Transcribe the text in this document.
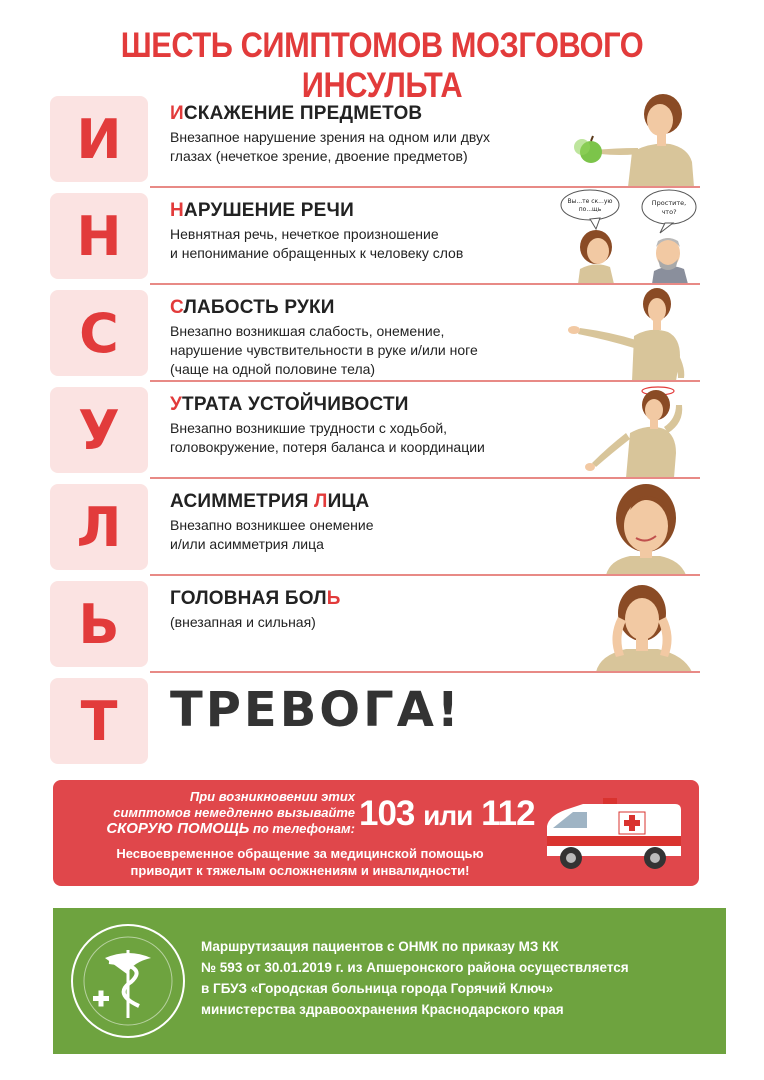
ШЕСТЬ СИМПТОМОВ МОЗГОВОГО ИНСУЛЬТА
И	ИСКАЖЕНИЕ ПРЕДМЕТОВ
Внезапное нарушение зрения на одном или двух
глазах (нечеткое зрение, двоение предметов)
Н	НАРУШЕНИЕ РЕЧИ
Невнятная речь, нечеткое произношение
и непонимание обращенных к человеку слов
Вы...те ск...ую
по...щь
Простите,
что?
С	СЛАБОСТЬ РУКИ
Внезапно возникшая слабость, онемение,
нарушение чувствительности в руке и/или ноге
(чаще на одной половине тела)
У	УТРАТА УСТОЙЧИВОСТИ
Внезапно возникшие трудности с ходьбой,
головокружение, потеря баланса и координации
Л	АСИММЕТРИЯ ЛИЦА
Внезапно возникшее онемение
и/или асимметрия лица
Ь	ГОЛОВНАЯ БОЛЬ
(внезапная и сильная)
Т	ТРЕВОГА!
При возникновении этих
симптомов немедленно вызывайте
СКОРУЮ ПОМОЩЬ по телефонам: 103 или 112
Несвоевременное обращение за медицинской помощью
приводит к тяжелым осложнениям и инвалидности!
Маршрутизация пациентов с ОНМК по приказу МЗ КК
№ 593 от 30.01.2019 г. из Апшеронского района осуществляется
в ГБУЗ «Городская больница города Горячий Ключ»
министерства здравоохранения Краснодарского края
